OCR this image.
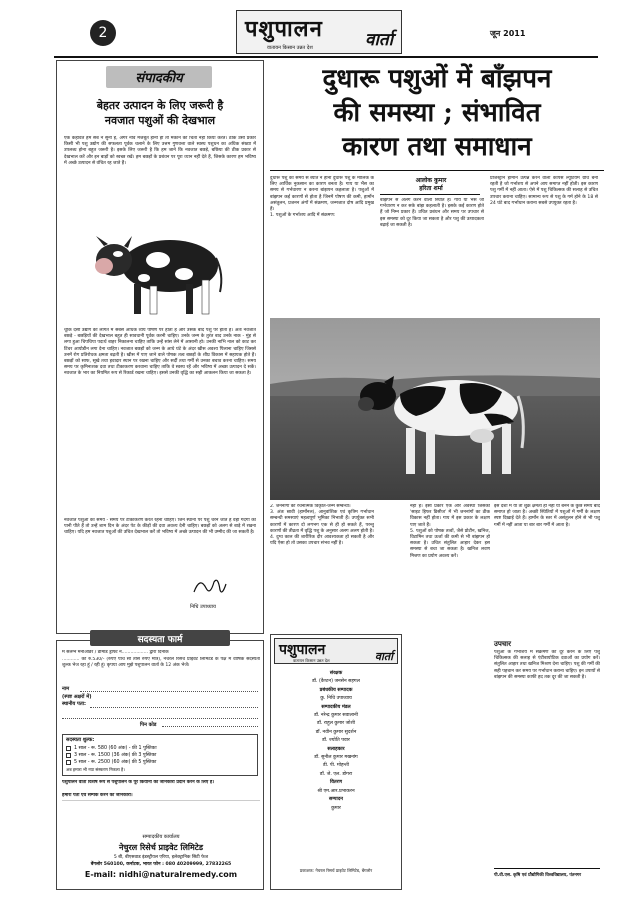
2	पशुपालन वार्ता
वातायन किसान उन्नत देश
जून 2011
संपादकीय
बेहतर उत्पादन के लिए जरूरी है
नवजात पशुओं की देखभाल
एक कहावत हम सब ने सुनी है, अगर नींव मजबूत हानी हो तो मकान की चिंता नहीं किया करते। ठीक उसी प्रकार किसी भी पशु उद्योग की सफलता पूर्वक चलाने के लिए उत्तम गुणवत्ता वाले स्वस्थ पशुधन का अधिक संख्या में उपलब्ध होना बहुत जरूरी है। इसके लिए जरूरी है कि हम जाने कि नवजात बछड़े, बछिया की ठीक प्रकार से देखभाल करें और इन बाड़ों को स्वच्छ रखें। हम बछड़ों के प्रबंधन पर पूरा ध्यान नहीं देते हैं, जिसके कारण हम भविष्य में अच्छे उत्पादन से वंचित रह जाते हैं।
चूंकि देसी उद्योग की लागत में सबसे अधिक व्यय पोषण पर होता है और उसके बाद पशु पर होता है। अतः नवजात बछड़े - बछड़ियों की देखभाल बहुत ही सावधानी पूर्वक करनी चाहिए। उनके जन्म के तुरंत बाद उनके नाक - मुंह से लगा हुआ चिपचिपा पदार्थ बाहर निकालना चाहिए ताकि उन्हें सांस लेने में आसानी हो। उनकी नाभि नाल को काट कर टिंचर आयोडीन लगा देना चाहिए। नवजात बछड़ों को जन्म के आधे घंटे के अंदर खीस अवश्य पिलाना चाहिए जिससे उनमें रोग प्रतिरोधक क्षमता बढ़ती है। खीस में पाए जाने वाले पोषक तत्व बछड़ों के शीघ्र विकास में सहायक होते हैं। बछड़ों को साफ, सूखे तथा हवादार स्थान पर रखना चाहिए और सर्दी तथा गर्मी से उनका बचाव करना चाहिए। समय समय पर कृमिनाशक दवा तथा टीकाकरण करवाना चाहिए ताकि वे स्वस्थ रहें और भविष्य में अच्छा उत्पादन दे सकें। नवजात के भार का नियमित रूप से रिकार्ड रखना चाहिए। इससे उनकी वृद्धि का सही आकलन किया जा सकता है।
नवजात पशुओं का समय - समय पर टीकाकरण करते रहना चाहिए। जिन स्थानों पर पशु चरने जाते हैं वहां गंदगी का पानी पीते हैं तो उन्हें शाम दिन के अंदर पेट के कीड़ों की दवा अवश्य देनी चाहिए। बछड़ों को अलग से बाड़े में रखना चाहिए। यदि हम नवजात पशुओं की उचित देखभाल करें तो भविष्य में अच्छे उत्पादन की भी उम्मीद की जा सकती है।
निधि उपाध्याय
सदस्यता फार्म
मैं सलग्न मनीऑर्डर / डीमांड ड्राफ्ट न.................. द्वारा दिनांक
............ को रु.530/- (रुपए पांच सौ तीस रुपए मात्र), नेचरल रिसेर्च प्राइवेट लिमिटेड के पक्ष में वार्षिक सदस्यता शुल्क भेज रहा हूं / रही हूं। कृपया आप मुझे पशुपालन वार्ता के 12 अंक भेजें।
नाम
(स्पष्ट अक्षरों में)
स्थानीय पता:
पिन कोड
सदस्यता शुल्क:
1 साल - रू. 580 (60 अंक) - फ्री 1 पुस्तिका
3 साल - रू. 1500 (36 अंक) फ्री 3 पुस्तिका
5 साल - रू. 2500 (60 अंक) फ्री 5 पुस्तिका
अब हमारा भी नया संस्करण निकला है।
पशुपालन वार्ता विशेष रूप से पशुपालन के पूरे कियानों को जानकारी प्रदान करने के लिए है।
हमारी पता एवं सम्पर्क करने की जानकारी।
सम्पादकीय कार्यालय
नेचुरल रिसेर्च प्राइवेट लिमिटेड
5 बी, बीएसवाड इंडस्ट्रीयल एरिया, इलेक्ट्रानिक सिटी फेज
बेंगलोर 560100, कर्नाटक, भारत फोन : 080 40209999, 27832265
E-mail: nidhi@naturalremedy.com
पशुपालन	वार्ता
वातायन किसान उन्नत देश
संरक्षक
डॉ. (कैप्टन) जनसेन सहगल
प्रबंधकीय सम्पादक
कु. निधि उपाध्याय
सम्पादकीय मंडल
डॉ. नरेन्द्र कुमार सवालानी
डॉ. राहुल कुमार जोशी
डॉ. नवीन कुमार सुदर्शन
डॉ. ज्योति पवार
सलाहकार
डॉ. सुनील कुमार मखनांग
डी. पी. मोहन्ती
डॉ. जे. एल. डोगरा
वितरण
श्री एम.आर.प्रभाकरन
सम्पादन
कुमार
प्रकाशक: नेचरल रिसर्च प्राइवेट लिमिटेड, बेंगलोर
दुधारू पशुओं में बाँझपन
की समस्या ; संभावित
कारण तथा समाधान
आलोक कुमार
हरिता शर्मा
दुधारू पशु का समय से ब्यांत न होना दुधारू पशु के मालिक के लिए आर्थिक नुकसान का कारण बनता है। गाय या भैंस का समय से गर्भधारण न करना बांझपन कहलाता है। पशुओं में बांझपन कई कारणों से होता है जिनमें पोषण की कमी, हार्मोन असंतुलन, प्रजनन अंगों में संक्रमण, जन्मजात दोष आदि प्रमुख हैं।
1. पशुओं के गर्भाशय आदि में संक्रमण:
बांझपन से अलग करने वाली स्थिति है। गाय या भैंस जो गर्भधारण न कर सके बांझ कहलाती है। इसके कई कारण होते हैं जो निम्न प्रकार हैं। उचित प्रबंधन और समय पर उपचार से इस समस्या को दूर किया जा सकता है और पशु की उत्पादकता बढ़ाई जा सकती है।
प्रोजेस्ट्रान हार्मोन उत्पन्न करने वाली कार्पस ल्यूटियम ग्रंथि बनी रहती है जो गर्भाशय से अपने आप समाप्त नहीं होती। इस कारण पशु गर्मी में नहीं आता। ऐसे में पशु चिकित्सक की सलाह से उचित उपचार कराना चाहिए। सामान्य रूप से पशु के गर्म होने के 18 से 24 घंटे बाद गर्भाधान कराना सबसे उपयुक्त रहता है।
2. जननांगों की रचनात्मक विकृति-जन्म सम्बन्धी।
3. अंतः स्रावी (हार्मोनल), आनुवांशिक एवं कृत्रिम गर्भाधान सम्बन्धी समस्याएं महत्वपूर्ण भूमिका निभाती हैं। उपर्युक्त सभी कारणों में कारण दो लगभग एक से ही हो सकते हैं, परन्तु कारणों की तीव्रता में वृद्धि पशु के अनुसार अलग अलग होती है।
4. दुग्ध काल की शारीरिक दौर आवश्यकता हो सकती है और यदि ऐसा हो तो उसका उपचार संभव नहीं है।
नहीं है। इसी प्रकार एक और अवस्था जिसको 'साइट हिफर डिसीज' में भी जननांगों का ठीक विकास नहीं होता। गाय में इस प्रकार के लक्षण पाए जाते हैं।
5. पशुओं को पोषक तत्वों, जैसे प्रोटीन, खनिज, विटामिन तथा ऊर्जा की कमी से भी बांझपन हो सकता है। उचित संतुलित आहार देकर इस समस्या से बचा जा सकता है। खनिज लवण मिश्रण का प्रयोग अवश्य करें।
इस दशा में या तो शुक्र क्षमता ही नहीं या बनने के कुछ समय बाद समाप्त हो जाता है। अच्छी स्थितियों में पशुओं में गर्मी के लक्षण स्पष्ट दिखाई देते हैं। हार्मोन के स्तर में असंतुलन होने से भी पशु गर्मी में नहीं आता या बार बार गर्मी में आता है।
उपचार
पशुओं के गर्भाशय में संक्रमण को दूर करने के लिए पशु चिकित्सक की सलाह से एंटीबायोटिक दवाओं का प्रयोग करें। संतुलित आहार तथा खनिज मिश्रण देना चाहिए। पशु की गर्मी की सही पहचान कर समय पर गर्भाधान कराना चाहिए। इन उपायों से बांझपन की समस्या काफी हद तक दूर की जा सकती है।
पी.वी.एस. कृषि एवं प्रौद्योगिकी विश्वविद्यालय, पंतनगर
